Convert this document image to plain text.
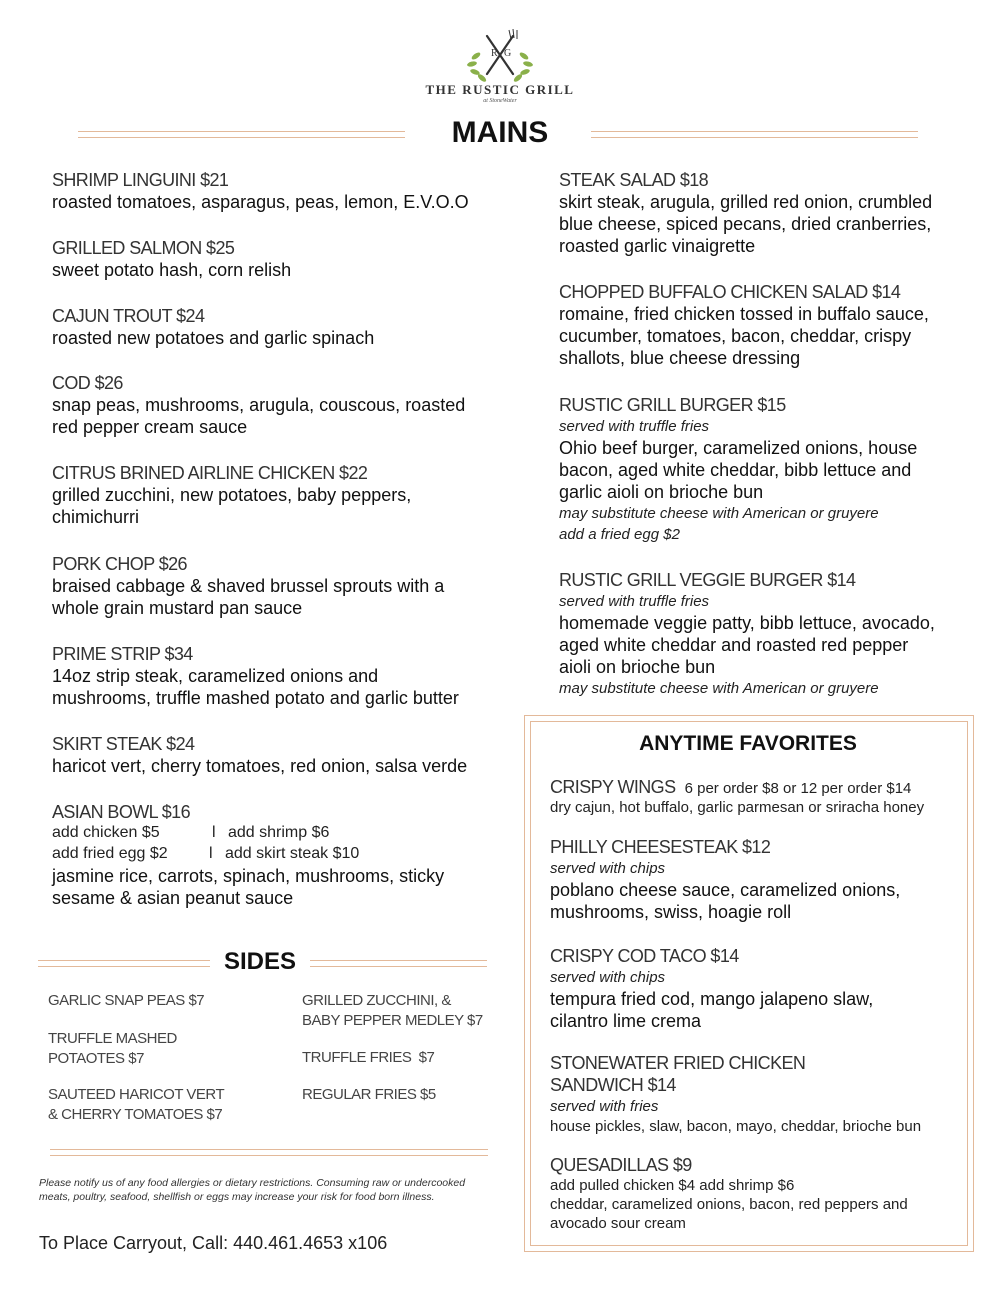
R G
THE RUSTIC GRILL
at StoneWater
MAINS
SHRIMP LINGUINI $21
roasted tomatoes, asparagus, peas, lemon, E.V.O.O
GRILLED SALMON $25
sweet potato hash, corn relish
CAJUN TROUT $24
roasted new potatoes and garlic spinach
COD $26
snap peas, mushrooms, arugula, couscous, roasted
red pepper cream sauce
CITRUS BRINED AIRLINE CHICKEN $22
grilled zucchini, new potatoes, baby peppers,
chimichurri
PORK CHOP $26
braised cabbage & shaved brussel sprouts with a
whole grain mustard pan sauce
PRIME STRIP $34
14oz strip steak, caramelized onions and
mushrooms, truffle mashed potato and garlic butter
SKIRT STEAK $24
haricot vert, cherry tomatoes, red onion, salsa verde
ASIAN BOWL $16
add chicken $5	l add shrimp $6
add fried egg $2	l add skirt steak $10
jasmine rice, carrots, spinach, mushrooms, sticky
sesame & asian peanut sauce
STEAK SALAD $18
skirt steak, arugula, grilled red onion, crumbled
blue cheese, spiced pecans, dried cranberries,
roasted garlic vinaigrette
CHOPPED BUFFALO CHICKEN SALAD $14
romaine, fried chicken tossed in buffalo sauce,
cucumber, tomatoes, bacon, cheddar, crispy
shallots, blue cheese dressing
RUSTIC GRILL BURGER $15
served with truffle fries
Ohio beef burger, caramelized onions, house
bacon, aged white cheddar, bibb lettuce and
garlic aioli on brioche bun
may substitute cheese with American or gruyere
add a fried egg $2
RUSTIC GRILL VEGGIE BURGER $14
served with truffle fries
homemade veggie patty, bibb lettuce, avocado,
aged white cheddar and roasted red pepper
aioli on brioche bun
may substitute cheese with American or gruyere
SIDES
GARLIC SNAP PEAS $7	GRILLED ZUCCHINI, &
BABY PEPPER MEDLEY $7
TRUFFLE MASHED
POTAOTES $7	TRUFFLE FRIES  $7
SAUTEED HARICOT VERT
& CHERRY TOMATOES $7
REGULAR FRIES $5
Please notify us of any food allergies or dietary restrictions. Consuming raw or undercooked
meats, poultry, seafood, shellfish or eggs may increase your risk for food born illness.
To Place Carryout, Call: 440.461.4653 x106
ANYTIME FAVORITES
CRISPY WINGS 6 per order $8 or 12 per order $14
dry cajun, hot buffalo, garlic parmesan or sriracha honey
PHILLY CHEESESTEAK $12
served with chips
poblano cheese sauce, caramelized onions,
mushrooms, swiss, hoagie roll
CRISPY COD TACO $14
served with chips
tempura fried cod, mango jalapeno slaw,
cilantro lime crema
STONEWATER FRIED CHICKEN
SANDWICH $14
served with fries
house pickles, slaw, bacon, mayo, cheddar, brioche bun
QUESADILLAS $9
add pulled chicken $4 add shrimp $6
cheddar, caramelized onions, bacon, red peppers and
avocado sour cream
